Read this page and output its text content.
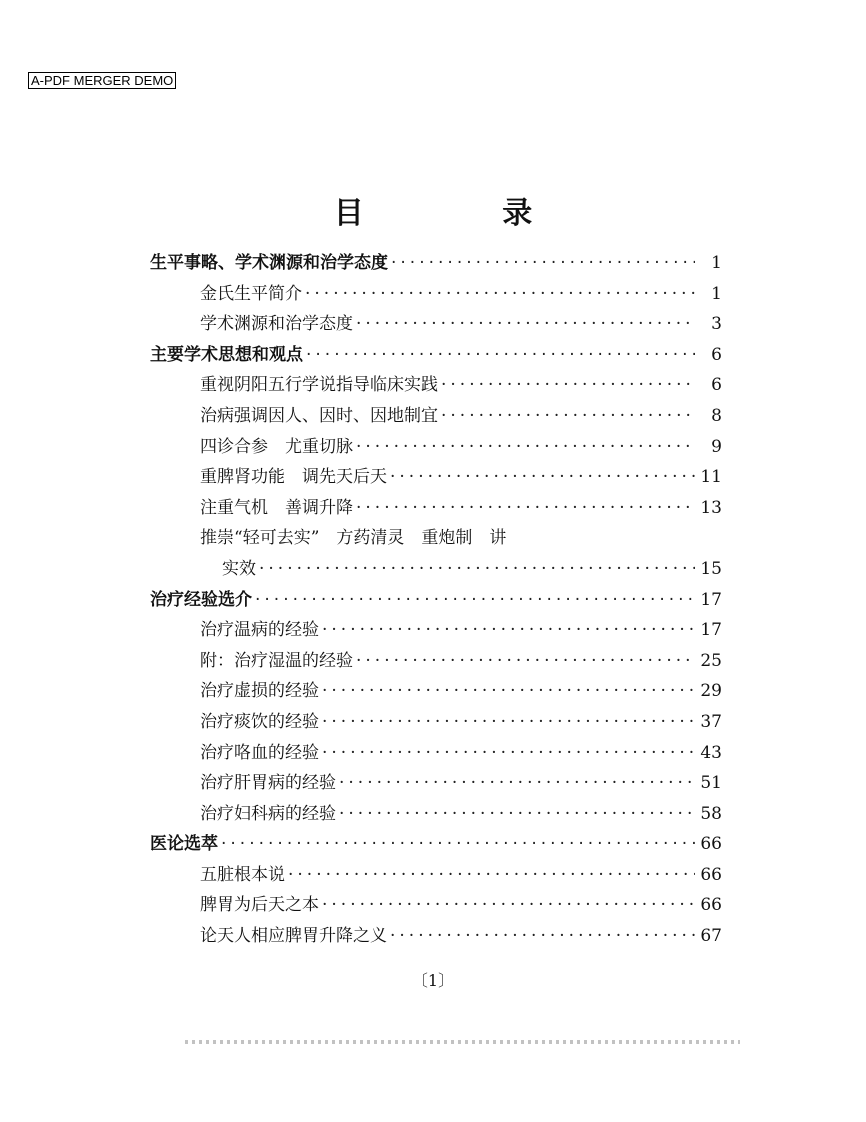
A-PDF MERGER DEMO
目 录
生平事略、学术渊源和治学态度 ·····	1
金氏生平简介 ·····	1
学术渊源和治学态度 ·····	3
主要学术思想和观点 ·····	6
重视阴阳五行学说指导临床实践 ·····	6
治病强调因人、因时、因地制宜 ·····	8
四诊合参　尤重切脉 ·····	9
重脾肾功能　调先天后天 ·····	11
注重气机　善调升降 ·····	13
推崇“轻可去实”　方药清灵　重炮制　讲
实效 ·····	15
治疗经验选介 ·····	17
治疗温病的经验 ·····	17
附：治疗湿温的经验 ·····	25
治疗虚损的经验 ·····	29
治疗痰饮的经验 ·····	37
治疗咯血的经验 ·····	43
治疗肝胃病的经验 ·····	51
治疗妇科病的经验 ·····	58
医论选萃 ·····	66
五脏根本说 ·····	66
脾胃为后天之本 ·····	66
论天人相应脾胃升降之义 ·····	67
〔1〕
